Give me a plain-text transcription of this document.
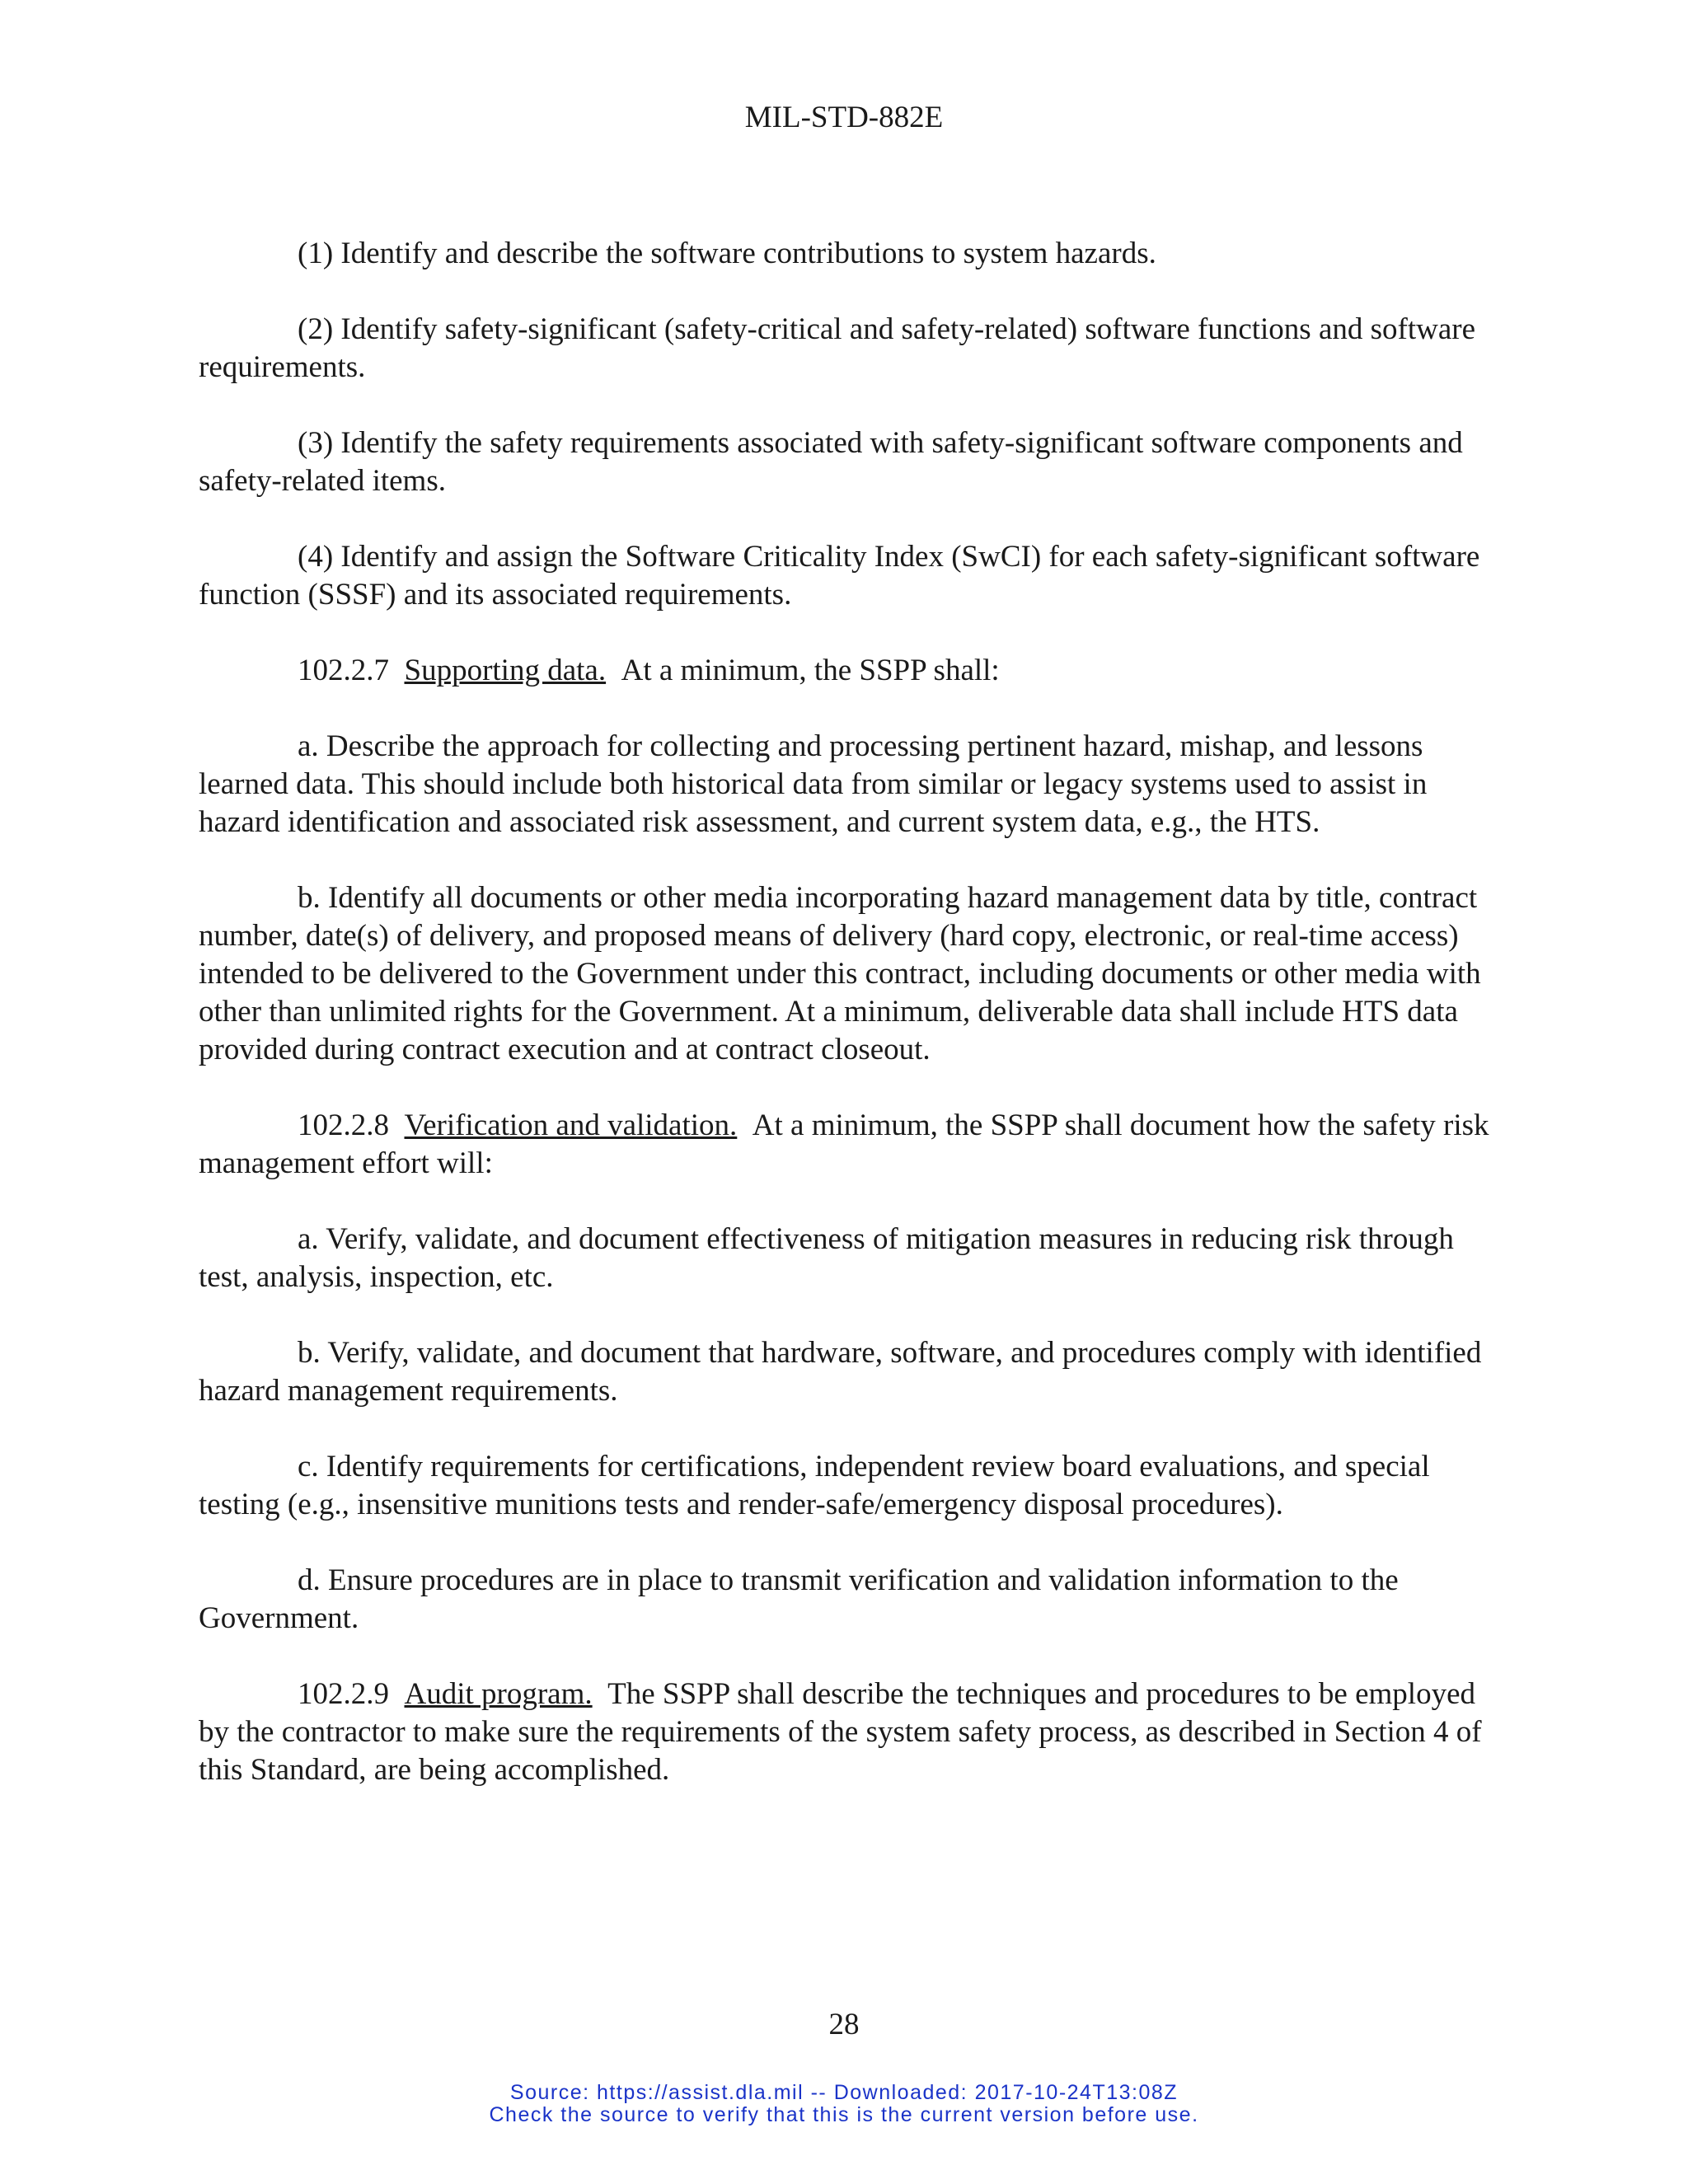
MIL-STD-882E

(1) Identify and describe the software contributions to system hazards.

(2) Identify safety-significant (safety-critical and safety-related) software functions and software requirements.

(3) Identify the safety requirements associated with safety-significant software components and safety-related items.

(4) Identify and assign the Software Criticality Index (SwCI) for each safety-significant software function (SSSF) and its associated requirements.

102.2.7 Supporting data. At a minimum, the SSPP shall:

a. Describe the approach for collecting and processing pertinent hazard, mishap, and lessons learned data. This should include both historical data from similar or legacy systems used to assist in hazard identification and associated risk assessment, and current system data, e.g., the HTS.

b. Identify all documents or other media incorporating hazard management data by title, contract number, date(s) of delivery, and proposed means of delivery (hard copy, electronic, or real-time access) intended to be delivered to the Government under this contract, including documents or other media with other than unlimited rights for the Government. At a minimum, deliverable data shall include HTS data provided during contract execution and at contract closeout.

102.2.8 Verification and validation. At a minimum, the SSPP shall document how the safety risk management effort will:

a. Verify, validate, and document effectiveness of mitigation measures in reducing risk through test, analysis, inspection, etc.

b. Verify, validate, and document that hardware, software, and procedures comply with identified hazard management requirements.

c. Identify requirements for certifications, independent review board evaluations, and special testing (e.g., insensitive munitions tests and render-safe/emergency disposal procedures).

d. Ensure procedures are in place to transmit verification and validation information to the Government.

102.2.9 Audit program. The SSPP shall describe the techniques and procedures to be employed by the contractor to make sure the requirements of the system safety process, as described in Section 4 of this Standard, are being accomplished.

28
Source: https://assist.dla.mil -- Downloaded: 2017-10-24T13:08Z
Check the source to verify that this is the current version before use.
